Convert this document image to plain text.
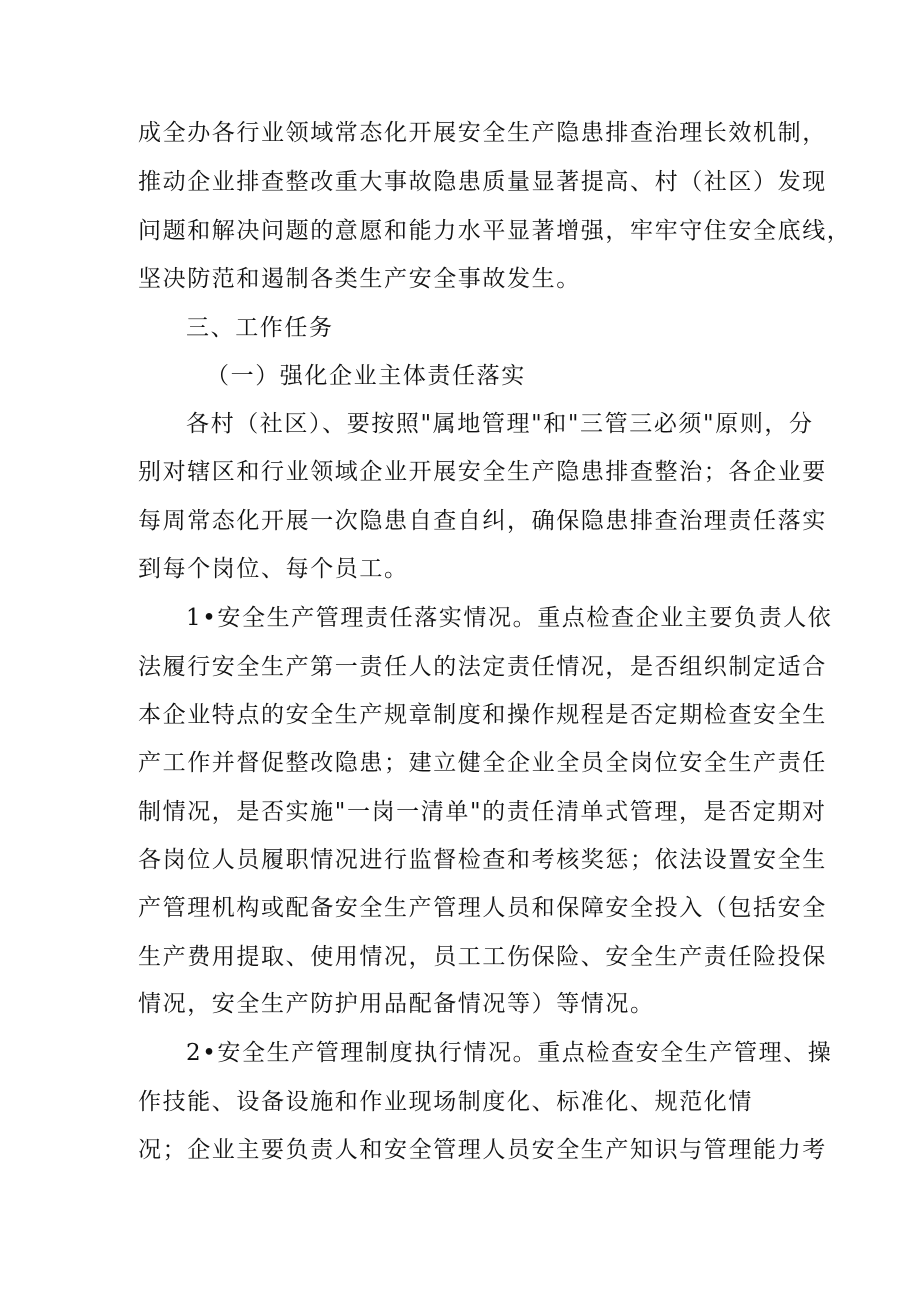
成全办各行业领域常态化开展安全生产隐患排查治理长效机制，
推动企业排查整改重大事故隐患质量显著提高、村（社区）发现
问题和解决问题的意愿和能力水平显著增强，牢牢守住安全底线，
坚决防范和遏制各类生产安全事故发生。
三、工作任务
（一）强化企业主体责任落实
各村（社区）、要按照"属地管理"和"三管三必须"原则，分
别对辖区和行业领域企业开展安全生产隐患排查整治；各企业要
每周常态化开展一次隐患自查自纠，确保隐患排查治理责任落实
到每个岗位、每个员工。
1•安全生产管理责任落实情况。重点检查企业主要负责人依
法履行安全生产第一责任人的法定责任情况，是否组织制定适合
本企业特点的安全生产规章制度和操作规程是否定期检查安全生
产工作并督促整改隐患；建立健全企业全员全岗位安全生产责任
制情况，是否实施"一岗一清单"的责任清单式管理，是否定期对
各岗位人员履职情况进行监督检查和考核奖惩；依法设置安全生
产管理机构或配备安全生产管理人员和保障安全投入（包括安全
生产费用提取、使用情况，员工工伤保险、安全生产责任险投保
情况，安全生产防护用品配备情况等）等情况。
2•安全生产管理制度执行情况。重点检查安全生产管理、操
作技能、设备设施和作业现场制度化、标准化、规范化情
况；企业主要负责人和安全管理人员安全生产知识与管理能力考
